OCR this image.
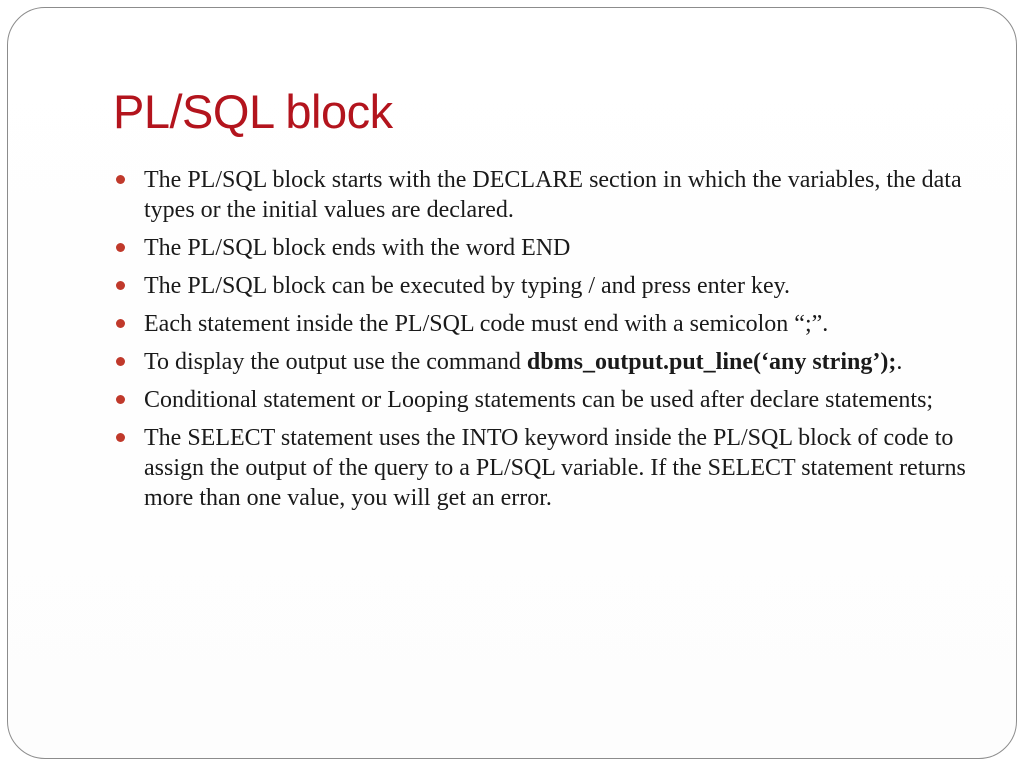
PL/SQL block
The PL/SQL block starts with the DECLARE section in which the variables, the data types or the initial values are declared.
The PL/SQL block ends with the word END
The PL/SQL block can be executed by typing / and press enter key.
Each statement inside the PL/SQL code must end with a semicolon “;”.
To display the output use the command dbms_output.put_line(‘any string’);.
Conditional statement or Looping statements can be used after declare statements;
The SELECT statement uses the INTO keyword inside the PL/SQL block of code to assign the output of the query to a PL/SQL variable. If the SELECT statement returns more than one value, you will get an error.
